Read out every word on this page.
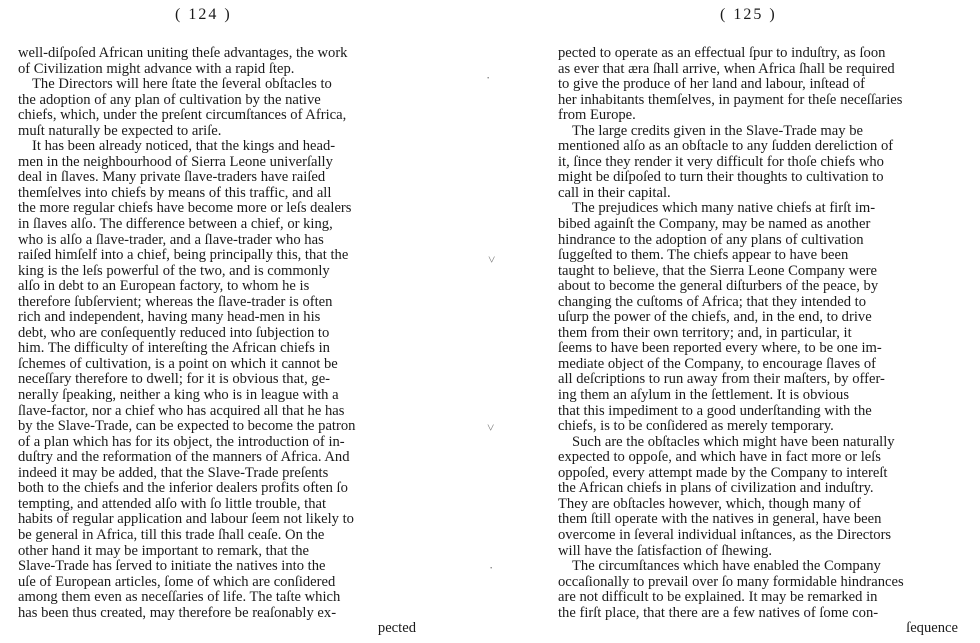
( 124 )
well-diſpoſed African uniting theſe advantages, the work
of Civilization might advance with a rapid ſtep.
The Directors will here ſtate the ſeveral obſtacles to
the adoption of any plan of cultivation by the native
chiefs, which, under the preſent circumſtances of Africa,
muſt naturally be expected to ariſe.
It has been already noticed, that the kings and head-
men in the neighbourhood of Sierra Leone univerſally
deal in ſlaves. Many private ſlave-traders have raiſed
themſelves into chiefs by means of this traffic, and all
the more regular chiefs have become more or leſs dealers
in ſlaves alſo. The difference between a chief, or king,
who is alſo a ſlave-trader, and a ſlave-trader who has
raiſed himſelf into a chief, being principally this, that the
king is the leſs powerful of the two, and is commonly
alſo in debt to an European factory, to whom he is
therefore ſubſervient; whereas the ſlave-trader is often
rich and independent, having many head-men in his
debt, who are conſequently reduced into ſubjection to
him. The difficulty of intereſting the African chiefs in
ſchemes of cultivation, is a point on which it cannot be
neceſſary therefore to dwell; for it is obvious that, ge-
nerally ſpeaking, neither a king who is in league with a
ſlave-factor, nor a chief who has acquired all that he has
by the Slave-Trade, can be expected to become the patron
of a plan which has for its object, the introduction of in-
duſtry and the reformation of the manners of Africa. And
indeed it may be added, that the Slave-Trade preſents
both to the chiefs and the inferior dealers profits often ſo
tempting, and attended alſo with ſo little trouble, that
habits of regular application and labour ſeem not likely to
be general in Africa, till this trade ſhall ceaſe. On the
other hand it may be important to remark, that the
Slave-Trade has ſerved to initiate the natives into the
uſe of European articles, ſome of which are conſidered
among them even as neceſſaries of life. The taſte which
has been thus created, may therefore be reaſonably ex-
pected
·
˅
˅
·
( 125 )
pected to operate as an effectual ſpur to induſtry, as ſoon
as ever that æra ſhall arrive, when Africa ſhall be required
to give the produce of her land and labour, inſtead of
her inhabitants themſelves, in payment for theſe neceſſaries
from Europe.
The large credits given in the Slave-Trade may be
mentioned alſo as an obſtacle to any ſudden dereliction of
it, ſince they render it very difficult for thoſe chiefs who
might be diſpoſed to turn their thoughts to cultivation to
call in their capital.
The prejudices which many native chiefs at firſt im-
bibed againſt the Company, may be named as another
hindrance to the adoption of any plans of cultivation
ſuggeſted to them. The chiefs appear to have been
taught to believe, that the Sierra Leone Company were
about to become the general diſturbers of the peace, by
changing the cuſtoms of Africa; that they intended to
uſurp the power of the chiefs, and, in the end, to drive
them from their own territory; and, in particular, it
ſeems to have been reported every where, to be one im-
mediate object of the Company, to encourage ſlaves of
all deſcriptions to run away from their maſters, by offer-
ing them an aſylum in the ſettlement. It is obvious
that this impediment to a good underſtanding with the
chiefs, is to be conſidered as merely temporary.
Such are the obſtacles which might have been naturally
expected to oppoſe, and which have in fact more or leſs
oppoſed, every attempt made by the Company to intereſt
the African chiefs in plans of civilization and induſtry.
They are obſtacles however, which, though many of
them ſtill operate with the natives in general, have been
overcome in ſeveral individual inſtances, as the Directors
will have the ſatisfaction of ſhewing.
The circumſtances which have enabled the Company
occaſionally to prevail over ſo many formidable hindrances
are not difficult to be explained. It may be remarked in
the firſt place, that there are a few natives of ſome con-
ſequence
